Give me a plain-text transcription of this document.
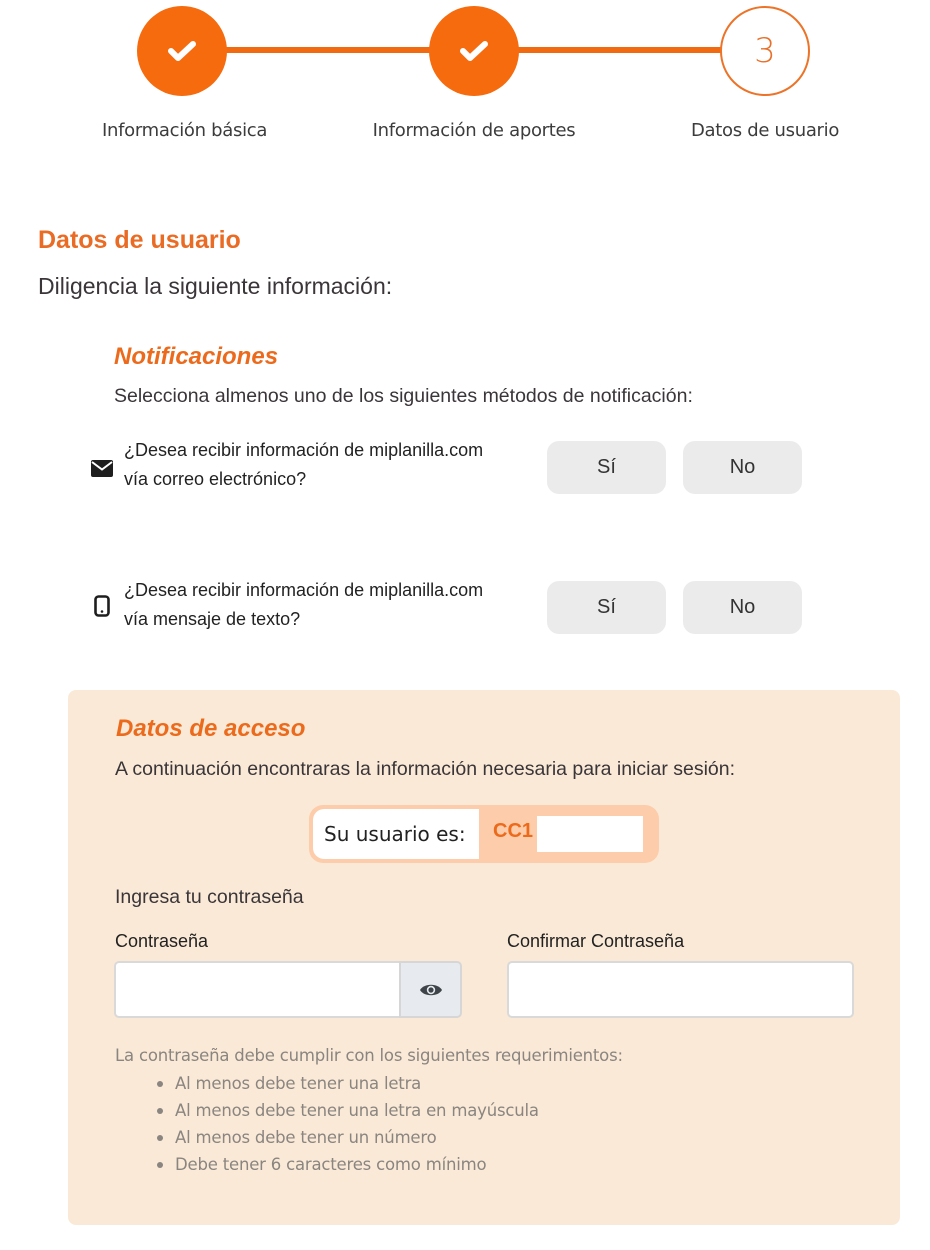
3
Información básica	Información de aportes	Datos de usuario
Datos de usuario

Diligencia la siguiente información:

Notificaciones

Selecciona almenos uno de los siguientes métodos de notificación:

¿Desea recibir información de miplanilla.com
vía correo electrónico?
Sí	No
¿Desea recibir información de miplanilla.com
vía mensaje de texto?
Sí	No
Datos de acceso

A continuación encontraras la información necesaria para iniciar sesión:

Su usuario es:	CC1

Ingresa tu contraseña

Contraseña	Confirmar Contraseña

La contraseña debe cumplir con los siguientes requerimientos:

Al menos debe tener una letra
Al menos debe tener una letra en mayúscula
Al menos debe tener un número
Debe tener 6 caracteres como mínimo
